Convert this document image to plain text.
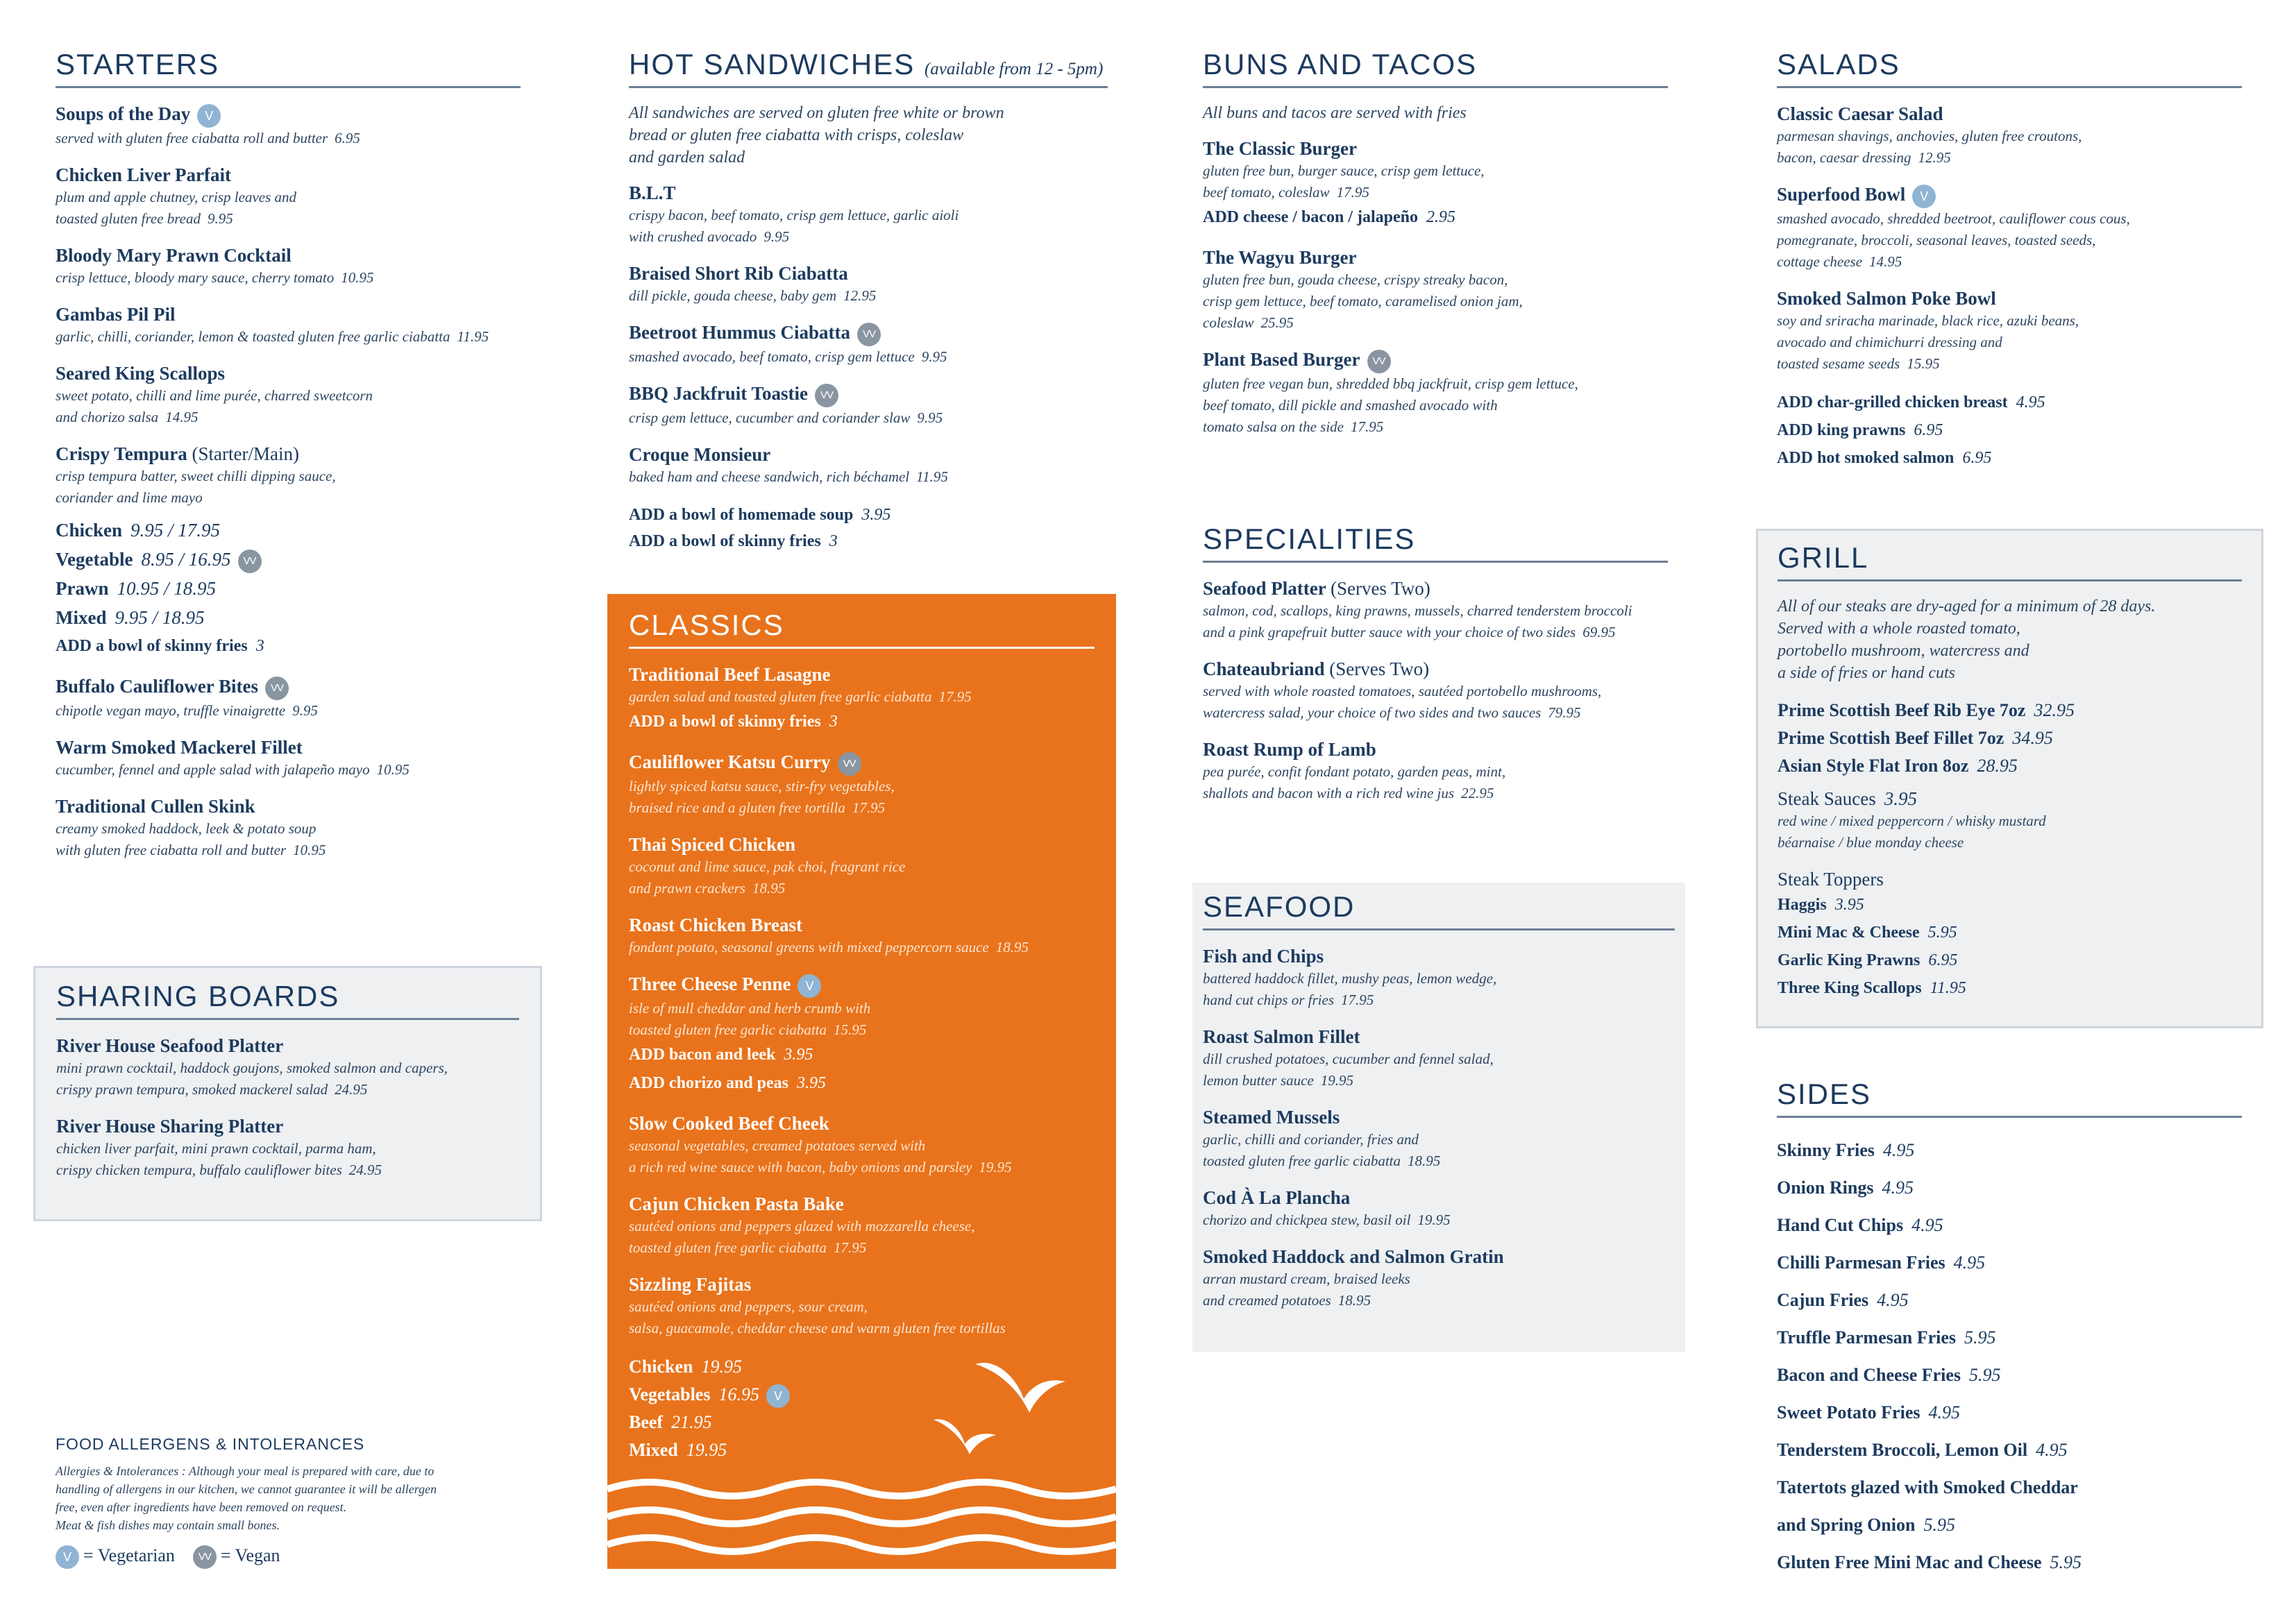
STARTERS
Soups of the Day V
served with gluten free ciabatta roll and butter 6.95
Chicken Liver Parfait
plum and apple chutney, crisp leaves and
toasted gluten free bread 9.95
Bloody Mary Prawn Cocktail
crisp lettuce, bloody mary sauce, cherry tomato 10.95
Gambas Pil Pil
garlic, chilli, coriander, lemon & toasted gluten free garlic ciabatta 11.95
Seared King Scallops
sweet potato, chilli and lime purée, charred sweetcorn
and chorizo salsa 14.95
Crispy Tempura (Starter/Main)
crisp tempura batter, sweet chilli dipping sauce,
coriander and lime mayo
Chicken 9.95 / 17.95
Vegetable 8.95 / 16.95 VV
Prawn 10.95 / 18.95
Mixed 9.95 / 18.95
ADD a bowl of skinny fries 3
Buffalo Cauliflower Bites VV
chipotle vegan mayo, truffle vinaigrette 9.95
Warm Smoked Mackerel Fillet
cucumber, fennel and apple salad with jalapeño mayo 10.95
Traditional Cullen Skink
creamy smoked haddock, leek & potato soup
with gluten free ciabatta roll and butter 10.95
SHARING BOARDS
River House Seafood Platter
mini prawn cocktail, haddock goujons, smoked salmon and capers,
crispy prawn tempura, smoked mackerel salad 24.95
River House Sharing Platter
chicken liver parfait, mini prawn cocktail, parma ham,
crispy chicken tempura, buffalo cauliflower bites 24.95
FOOD ALLERGENS & INTOLERANCES
Allergies & Intolerances : Although your meal is prepared with care, due to
handling of allergens in our kitchen, we cannot guarantee it will be allergen
free, even after ingredients have been removed on request.
Meat & fish dishes may contain small bones.
V = Vegetarian VV = Vegan
HOT SANDWICHES (available from 12 - 5pm)
All sandwiches are served on gluten free white or brown
bread or gluten free ciabatta with crisps, coleslaw
and garden salad
B.L.T
crispy bacon, beef tomato, crisp gem lettuce, garlic aioli
with crushed avocado 9.95
Braised Short Rib Ciabatta
dill pickle, gouda cheese, baby gem 12.95
Beetroot Hummus Ciabatta VV
smashed avocado, beef tomato, crisp gem lettuce 9.95
BBQ Jackfruit Toastie VV
crisp gem lettuce, cucumber and coriander slaw 9.95
Croque Monsieur
baked ham and cheese sandwich, rich béchamel 11.95
ADD a bowl of homemade soup 3.95
ADD a bowl of skinny fries 3
CLASSICS
Traditional Beef Lasagne
garden salad and toasted gluten free garlic ciabatta 17.95
ADD a bowl of skinny fries 3
Cauliflower Katsu Curry VV
lightly spiced katsu sauce, stir-fry vegetables,
braised rice and a gluten free tortilla 17.95
Thai Spiced Chicken
coconut and lime sauce, pak choi, fragrant rice
and prawn crackers 18.95
Roast Chicken Breast
fondant potato, seasonal greens with mixed peppercorn sauce 18.95
Three Cheese Penne V
isle of mull cheddar and herb crumb with
toasted gluten free garlic ciabatta 15.95
ADD bacon and leek 3.95
ADD chorizo and peas 3.95
Slow Cooked Beef Cheek
seasonal vegetables, creamed potatoes served with
a rich red wine sauce with bacon, baby onions and parsley 19.95
Cajun Chicken Pasta Bake
sautéed onions and peppers glazed with mozzarella cheese,
toasted gluten free garlic ciabatta 17.95
Sizzling Fajitas
sautéed onions and peppers, sour cream,
salsa, guacamole, cheddar cheese and warm gluten free tortillas
Chicken 19.95
Vegetables 16.95 V
Beef 21.95
Mixed 19.95
BUNS AND TACOS
All buns and tacos are served with fries
The Classic Burger
gluten free bun, burger sauce, crisp gem lettuce,
beef tomato, coleslaw 17.95
ADD cheese / bacon / jalapeño 2.95
The Wagyu Burger
gluten free bun, gouda cheese, crispy streaky bacon,
crisp gem lettuce, beef tomato, caramelised onion jam,
coleslaw 25.95
Plant Based Burger VV
gluten free vegan bun, shredded bbq jackfruit, crisp gem lettuce,
beef tomato, dill pickle and smashed avocado with
tomato salsa on the side 17.95
SPECIALITIES
Seafood Platter (Serves Two)
salmon, cod, scallops, king prawns, mussels, charred tenderstem broccoli
and a pink grapefruit butter sauce with your choice of two sides 69.95
Chateaubriand (Serves Two)
served with whole roasted tomatoes, sautéed portobello mushrooms,
watercress salad, your choice of two sides and two sauces 79.95
Roast Rump of Lamb
pea purée, confit fondant potato, garden peas, mint,
shallots and bacon with a rich red wine jus 22.95
SEAFOOD
Fish and Chips
battered haddock fillet, mushy peas, lemon wedge,
hand cut chips or fries 17.95
Roast Salmon Fillet
dill crushed potatoes, cucumber and fennel salad,
lemon butter sauce 19.95
Steamed Mussels
garlic, chilli and coriander, fries and
toasted gluten free garlic ciabatta 18.95
Cod À La Plancha
chorizo and chickpea stew, basil oil 19.95
Smoked Haddock and Salmon Gratin
arran mustard cream, braised leeks
and creamed potatoes 18.95
SALADS
Classic Caesar Salad
parmesan shavings, anchovies, gluten free croutons,
bacon, caesar dressing 12.95
Superfood Bowl V
smashed avocado, shredded beetroot, cauliflower cous cous,
pomegranate, broccoli, seasonal leaves, toasted seeds,
cottage cheese 14.95
Smoked Salmon Poke Bowl
soy and sriracha marinade, black rice, azuki beans,
avocado and chimichurri dressing and
toasted sesame seeds 15.95
ADD char-grilled chicken breast 4.95
ADD king prawns 6.95
ADD hot smoked salmon 6.95
GRILL
All of our steaks are dry-aged for a minimum of 28 days.
Served with a whole roasted tomato,
portobello mushroom, watercress and
a side of fries or hand cuts
Prime Scottish Beef Rib Eye 7oz 32.95
Prime Scottish Beef Fillet 7oz 34.95
Asian Style Flat Iron 8oz 28.95
Steak Sauces 3.95
red wine / mixed peppercorn / whisky mustard
béarnaise / blue monday cheese
Steak Toppers
Haggis 3.95
Mini Mac & Cheese 5.95
Garlic King Prawns 6.95
Three King Scallops 11.95
SIDES
Skinny Fries 4.95
Onion Rings 4.95
Hand Cut Chips 4.95
Chilli Parmesan Fries 4.95
Cajun Fries 4.95
Truffle Parmesan Fries 5.95
Bacon and Cheese Fries 5.95
Sweet Potato Fries 4.95
Tenderstem Broccoli, Lemon Oil 4.95
Tatertots glazed with Smoked Cheddar
and Spring Onion 5.95
Gluten Free Mini Mac and Cheese 5.95
